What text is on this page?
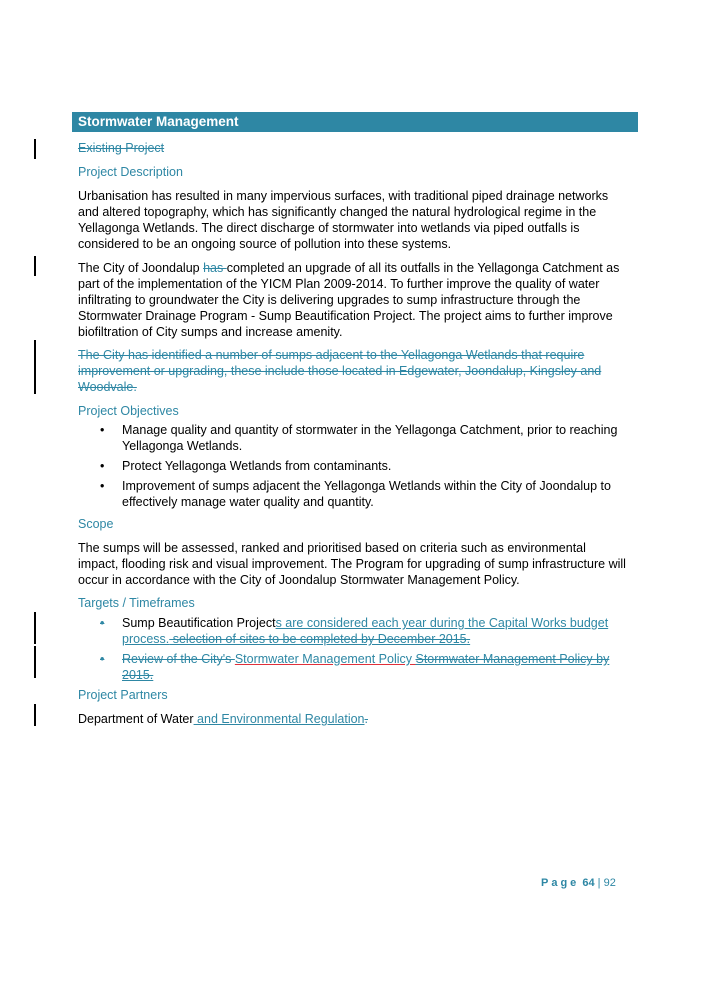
Stormwater Management
Existing Project
Project Description
Urbanisation has resulted in many impervious surfaces, with traditional piped drainage networks and altered topography, which has significantly changed the natural hydrological regime in the Yellagonga Wetlands. The direct discharge of stormwater into wetlands via piped outfalls is considered to be an ongoing source of pollution into these systems.
The City of Joondalup has completed an upgrade of all its outfalls in the Yellagonga Catchment as part of the implementation of the YICM Plan 2009-2014. To further improve the quality of water infiltrating to groundwater the City is delivering upgrades to sump infrastructure through the Stormwater Drainage Program - Sump Beautification Project. The project aims to further improve biofiltration of City sumps and increase amenity.
The City has identified a number of sumps adjacent to the Yellagonga Wetlands that require improvement or upgrading, these include those located in Edgewater, Joondalup, Kingsley and Woodvale.
Project Objectives
• Manage quality and quantity of stormwater in the Yellagonga Catchment, prior to reaching Yellagonga Wetlands.
• Protect Yellagonga Wetlands from contaminants.
• Improvement of sumps adjacent the Yellagonga Wetlands within the City of Joondalup to effectively manage water quality and quantity.
Scope
The sumps will be assessed, ranked and prioritised based on criteria such as environmental impact, flooding risk and visual improvement. The Program for upgrading of sump infrastructure will occur in accordance with the City of Joondalup Stormwater Management Policy.
Targets / Timeframes
• Sump Beautification Projects are considered each year during the Capital Works budget process. selection of sites to be completed by December 2015.
• Review of the City's Stormwater Management Policy Stormwater Management Policy by 2015.
Project Partners
Department of Water and Environmental Regulation.
Page 64 | 92
